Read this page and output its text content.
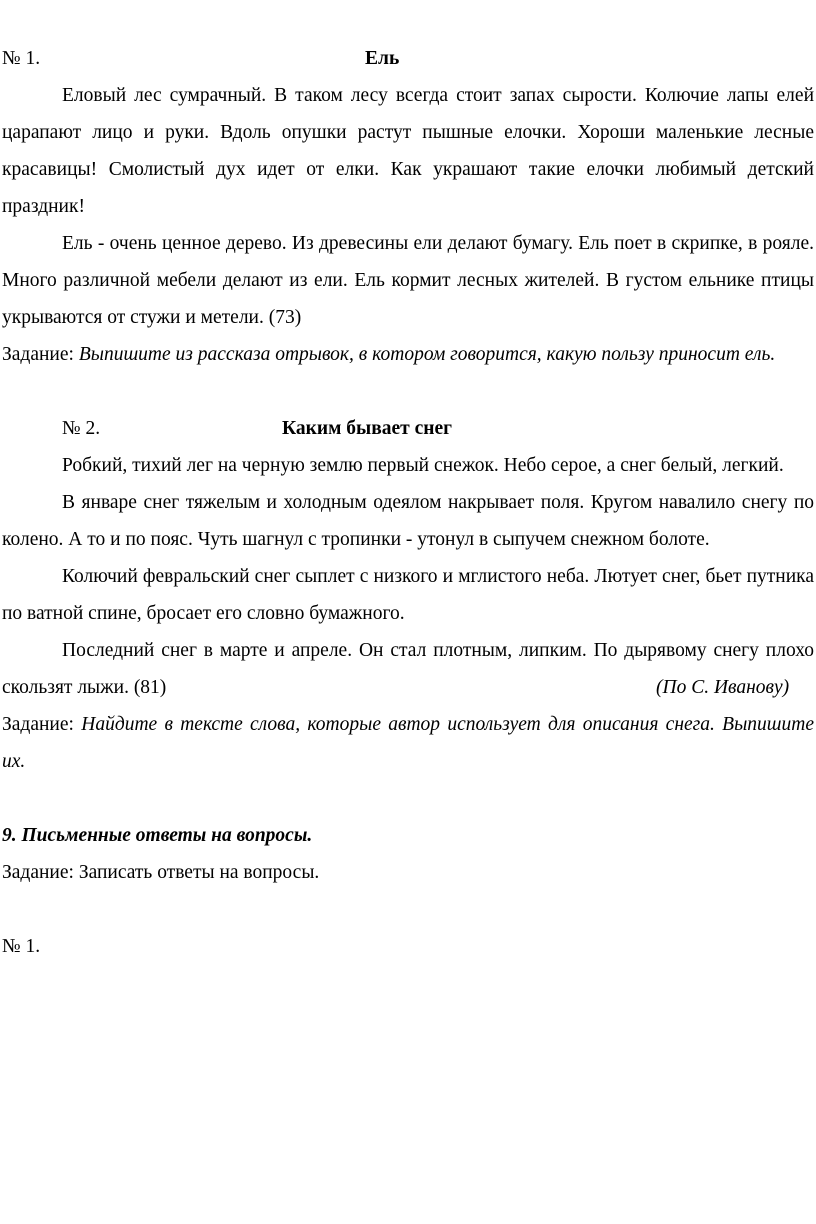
№ 1.	Ель

Еловый лес сумрачный. В таком лесу всегда стоит запах сырости. Колючие лапы елей царапают лицо и руки. Вдоль опушки растут пышные елочки. Хороши маленькие лесные красавицы! Смолистый дух идет от елки. Как украшают такие елочки любимый детский праздник!

Ель - очень ценное дерево. Из древесины ели делают бумагу. Ель поет в скрипке, в рояле. Много различной мебели делают из ели. Ель кормит лесных жителей. В густом ельнике птицы укрываются от стужи и метели. (73)

Задание: Выпишите из рассказа отрывок, в котором говорится, какую пользу приносит ель.

№ 2.	Каким бывает снег

Робкий, тихий лег на черную землю первый снежок. Небо серое, а снег белый, легкий.

В январе снег тяжелым и холодным одеялом накрывает поля. Кругом навалило снегу по колено. А то и по пояс. Чуть шагнул с тропинки - утонул в сыпучем снежном болоте.

Колючий февральский снег сыплет с низкого и мглистого неба. Лютует снег, бьет путника по ватной спине, бросает его словно бумажного.

Последний снег в марте и апреле. Он стал плотным, липким. По дырявому снегу плохо скользят лыжи. (81)	(По С. Иванову)

Задание: Найдите в тексте слова, которые автор использует для описания снега. Выпишите их.

9. Письменные ответы на вопросы.

Задание: Записать ответы на вопросы.

№ 1.
